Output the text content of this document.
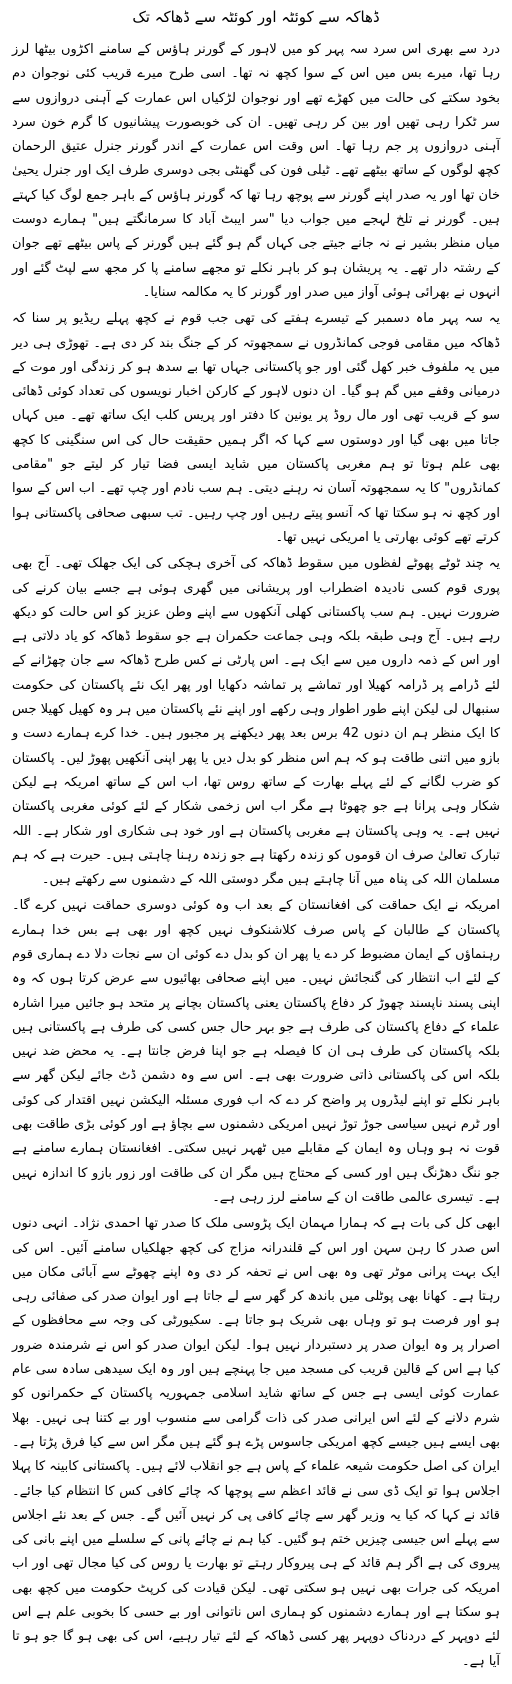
ڈھاکہ سے کوئٹہ اور کوئٹہ سے ڈھاکہ تک

درد سے بھری اس سرد سہ پہر کو میں لاہور کے گورنر ہاؤس کے سامنے اکڑوں بیٹھا لرز رہا تھا، میرے بس میں اس کے سوا کچھ نہ تھا۔ اسی طرح میرے قریب کئی نوجوان دم بخود سکتے کی حالت میں کھڑے تھے اور نوجوان لڑکیاں اس عمارت کے آہنی دروازوں سے سر ٹکرا رہی تھیں اور بین کر رہی تھیں۔ ان کی خوبصورت پیشانیوں کا گرم خون سرد آہنی دروازوں پر جم رہا تھا۔ اس وقت اس عمارت کے اندر گورنر جنرل عتیق الرحمان کچھ لوگوں کے ساتھ بیٹھے تھے۔ ٹیلی فون کی گھنٹی بجی دوسری طرف ایک اور جنرل یحییٰ خان تھا اور یہ صدر اپنے گورنر سے پوچھ رہا تھا کہ گورنر ہاؤس کے باہر جمع لوگ کیا کہتے ہیں۔ گورنر نے تلخ لہجے میں جواب دیا "سر ایبٹ آباد کا سرمانگتے ہیں" ہمارے دوست میاں منظر بشیر نے نہ جانے جیتے جی کہاں گم ہو گئے ہیں گورنر کے پاس بیٹھے تھے جوان کے رشتہ دار تھے۔ یہ پریشان ہو کر باہر نکلے تو مجھے سامنے پا کر مجھ سے لپٹ گئے اور انہوں نے بھرائی ہوئی آواز میں صدر اور گورنر کا یہ مکالمہ سنایا۔

یہ سہ پہر ماہ دسمبر کے تیسرے ہفتے کی تھی جب قوم نے کچھ پہلے ریڈیو پر سنا کہ ڈھاکہ میں مقامی فوجی کمانڈروں نے سمجھوتہ کر کے جنگ بند کر دی ہے۔ تھوڑی ہی دیر میں یہ ملفوف خبر کھل گئی اور جو پاکستانی جہاں تھا بے سدھ ہو کر زندگی اور موت کے درمیانی وقفے میں گم ہو گیا۔ ان دنوں لاہور کے کارکن اخبار نویسوں کی تعداد کوئی ڈھائی سو کے قریب تھی اور مال روڈ پر یونین کا دفتر اور پریس کلب ایک ساتھ تھے۔ میں کہاں جاتا میں بھی گیا اور دوستوں سے کہا کہ اگر ہمیں حقیقت حال کی اس سنگینی کا کچھ بھی علم ہوتا تو ہم مغربی پاکستان میں شاید ایسی فضا تیار کر لیتے جو "مقامی کمانڈروں" کا یہ سمجھوتہ آسان نہ رہنے دیتی۔ ہم سب نادم اور چپ تھے۔ اب اس کے سوا اور کچھ نہ ہو سکتا تھا کہ آنسو پیتے رہیں اور چپ رہیں۔ تب سبھی صحافی پاکستانی ہوا کرتے تھے کوئی بھارتی یا امریکی نہیں تھا۔

یہ چند ٹوٹے پھوٹے لفظوں میں سقوط ڈھاکہ کی آخری ہچکی کی ایک جھلک تھی۔ آج بھی پوری قوم کسی نادیدہ اضطراب اور پریشانی میں گھری ہوئی ہے جسے بیان کرنے کی ضرورت نہیں۔ ہم سب پاکستانی کھلی آنکھوں سے اپنے وطن عزیز کو اس حالت کو دیکھ رہے ہیں۔ آج وہی طبقہ بلکہ وہی جماعت حکمران ہے جو سقوط ڈھاکہ کو یاد دلاتی ہے اور اس کے ذمہ داروں میں سے ایک ہے۔ اس پارٹی نے کس طرح ڈھاکہ سے جان چھڑانے کے لئے ڈرامے پر ڈرامہ کھیلا اور تماشے پر تماشہ دکھایا اور پھر ایک نئے پاکستان کی حکومت سنبھال لی لیکن اپنے طور اطوار وہی رکھے اور اپنے نئے پاکستان میں ہر وہ کھیل کھیلا جس کا ایک منظر ہم ان دنوں 42 برس بعد پھر دیکھنے پر مجبور ہیں۔ خدا کرے ہمارے دست و بازو میں اتنی طاقت ہو کہ ہم اس منظر کو بدل دیں یا پھر اپنی آنکھیں پھوڑ لیں۔ پاکستان کو ضرب لگانے کے لئے پہلے بھارت کے ساتھ روس تھا، اب اس کے ساتھ امریکہ ہے لیکن شکار وہی پرانا ہے جو چھوٹا ہے مگر اب اس زخمی شکار کے لئے کوئی مغربی پاکستان نہیں ہے۔ یہ وہی پاکستان ہے مغربی پاکستان ہے اور خود ہی شکاری اور شکار ہے۔ اللہ تبارک تعالیٰ صرف ان قوموں کو زندہ رکھتا ہے جو زندہ رہنا چاہتی ہیں۔ حیرت ہے کہ ہم مسلمان اللہ کی پناہ میں آنا چاہتے ہیں مگر دوستی اللہ کے دشمنوں سے رکھتے ہیں۔

امریکہ نے ایک حماقت کی افغانستان کے بعد اب وہ کوئی دوسری حماقت نہیں کرے گا۔ پاکستان کے طالبان کے پاس صرف کلاشنکوف نہیں کچھ اور بھی ہے بس خدا ہمارے رہنماؤں کے ایمان مضبوط کر دے یا پھر ان کو بدل دے کوئی ان سے نجات دلا دے ہماری قوم کے لئے اب انتظار کی گنجائش نہیں۔ میں اپنے صحافی بھائیوں سے عرض کرتا ہوں کہ وہ اپنی پسند ناپسند چھوڑ کر دفاع پاکستان یعنی پاکستان بچانے پر متحد ہو جائیں میرا اشارہ علماء کے دفاع پاکستان کی طرف ہے جو بہر حال جس کسی کی طرف ہے پاکستانی ہیں بلکہ پاکستان کی طرف ہی ان کا فیصلہ ہے جو اپنا فرض جانتا ہے۔ یہ محض ضد نہیں بلکہ اس کی پاکستانی ذاتی ضرورت بھی ہے۔ اس سے وہ دشمن ڈٹ جائے لیکن گھر سے باہر نکلے تو اپنے لیڈروں پر واضح کر دے کہ اب فوری مسئلہ الیکشن نہیں اقتدار کی کوئی اور ٹرم نہیں سیاسی جوڑ توڑ نہیں امریکی دشمنوں سے بچاؤ ہے اور کوئی بڑی طاقت بھی قوت نہ ہو وہاں وہ ایمان کے مقابلے میں ٹھہر نہیں سکتی۔ افغانستان ہمارے سامنے ہے جو ننگ دھڑنگ ہیں اور کسی کے محتاج ہیں مگر ان کی طاقت اور زور بازو کا اندازہ نہیں ہے۔ تیسری عالمی طاقت ان کے سامنے لرز رہی ہے۔

ابھی کل کی بات ہے کہ ہمارا مہمان ایک پڑوسی ملک کا صدر تھا احمدی نژاد۔ انہی دنوں اس صدر کا رہن سہن اور اس کے قلندرانہ مزاج کی کچھ جھلکیاں سامنے آئیں۔ اس کی ایک بہت پرانی موٹر تھی وہ بھی اس نے تحفہ کر دی وہ اپنے چھوٹے سے آبائی مکان میں رہتا ہے۔ کھانا بھی پوٹلی میں باندھ کر گھر سے لے جاتا ہے اور ایوان صدر کی صفائی رہی ہو اور فرصت ہو تو وہاں بھی شریک ہو جاتا ہے۔ سکیورٹی کی وجہ سے محافظوں کے اصرار پر وہ ایوان صدر پر دستبردار نہیں ہوا۔ لیکن ایوان صدر کو اس نے شرمندہ ضرور کیا ہے اس کے قالین قریب کی مسجد میں جا پہنچے ہیں اور وہ ایک سیدھی سادہ سی عام عمارت کوئی ایسی ہے جس کے ساتھ شاید اسلامی جمہوریہ پاکستان کے حکمرانوں کو شرم دلانے کے لئے اس ایرانی صدر کی ذات گرامی سے منسوب اور بے کتنا ہی نہیں۔ بھلا بھی ایسے ہیں جیسے کچھ امریکی جاسوس پڑے ہو گئے ہیں مگر اس سے کیا فرق پڑتا ہے۔ ایران کی اصل حکومت شیعہ علماء کے پاس ہے جو انقلاب لائے ہیں۔ پاکستانی کابینہ کا پہلا اجلاس ہوا تو ایک ڈی سی نے قائد اعظم سے پوچھا کہ چائے کافی کس کا انتظام کیا جائے۔ قائد نے کہا کہ کیا یہ وزیر گھر سے چائے کافی پی کر نہیں آئیں گے۔ جس کے بعد نئے اجلاس سے پہلے اس جیسی چیزیں ختم ہو گئیں۔ کیا ہم نے چائے پانی کے سلسلے میں اپنے بانی کی پیروی کی ہے اگر ہم قائد کے ہی پیروکار رہتے تو بھارت یا روس کی کیا مجال تھی اور اب امریکہ کی جرات بھی نہیں ہو سکتی تھی۔ لیکن قیادت کی کرپٹ حکومت میں کچھ بھی ہو سکتا ہے اور ہمارے دشمنوں کو ہماری اس ناتوانی اور بے حسی کا بخوبی علم ہے اس لئے دوپہر کے دردناک دوپہر پھر کسی ڈھاکہ کے لئے تیار رہیے، اس کی بھی ہو گا جو ہو تا آیا ہے۔
